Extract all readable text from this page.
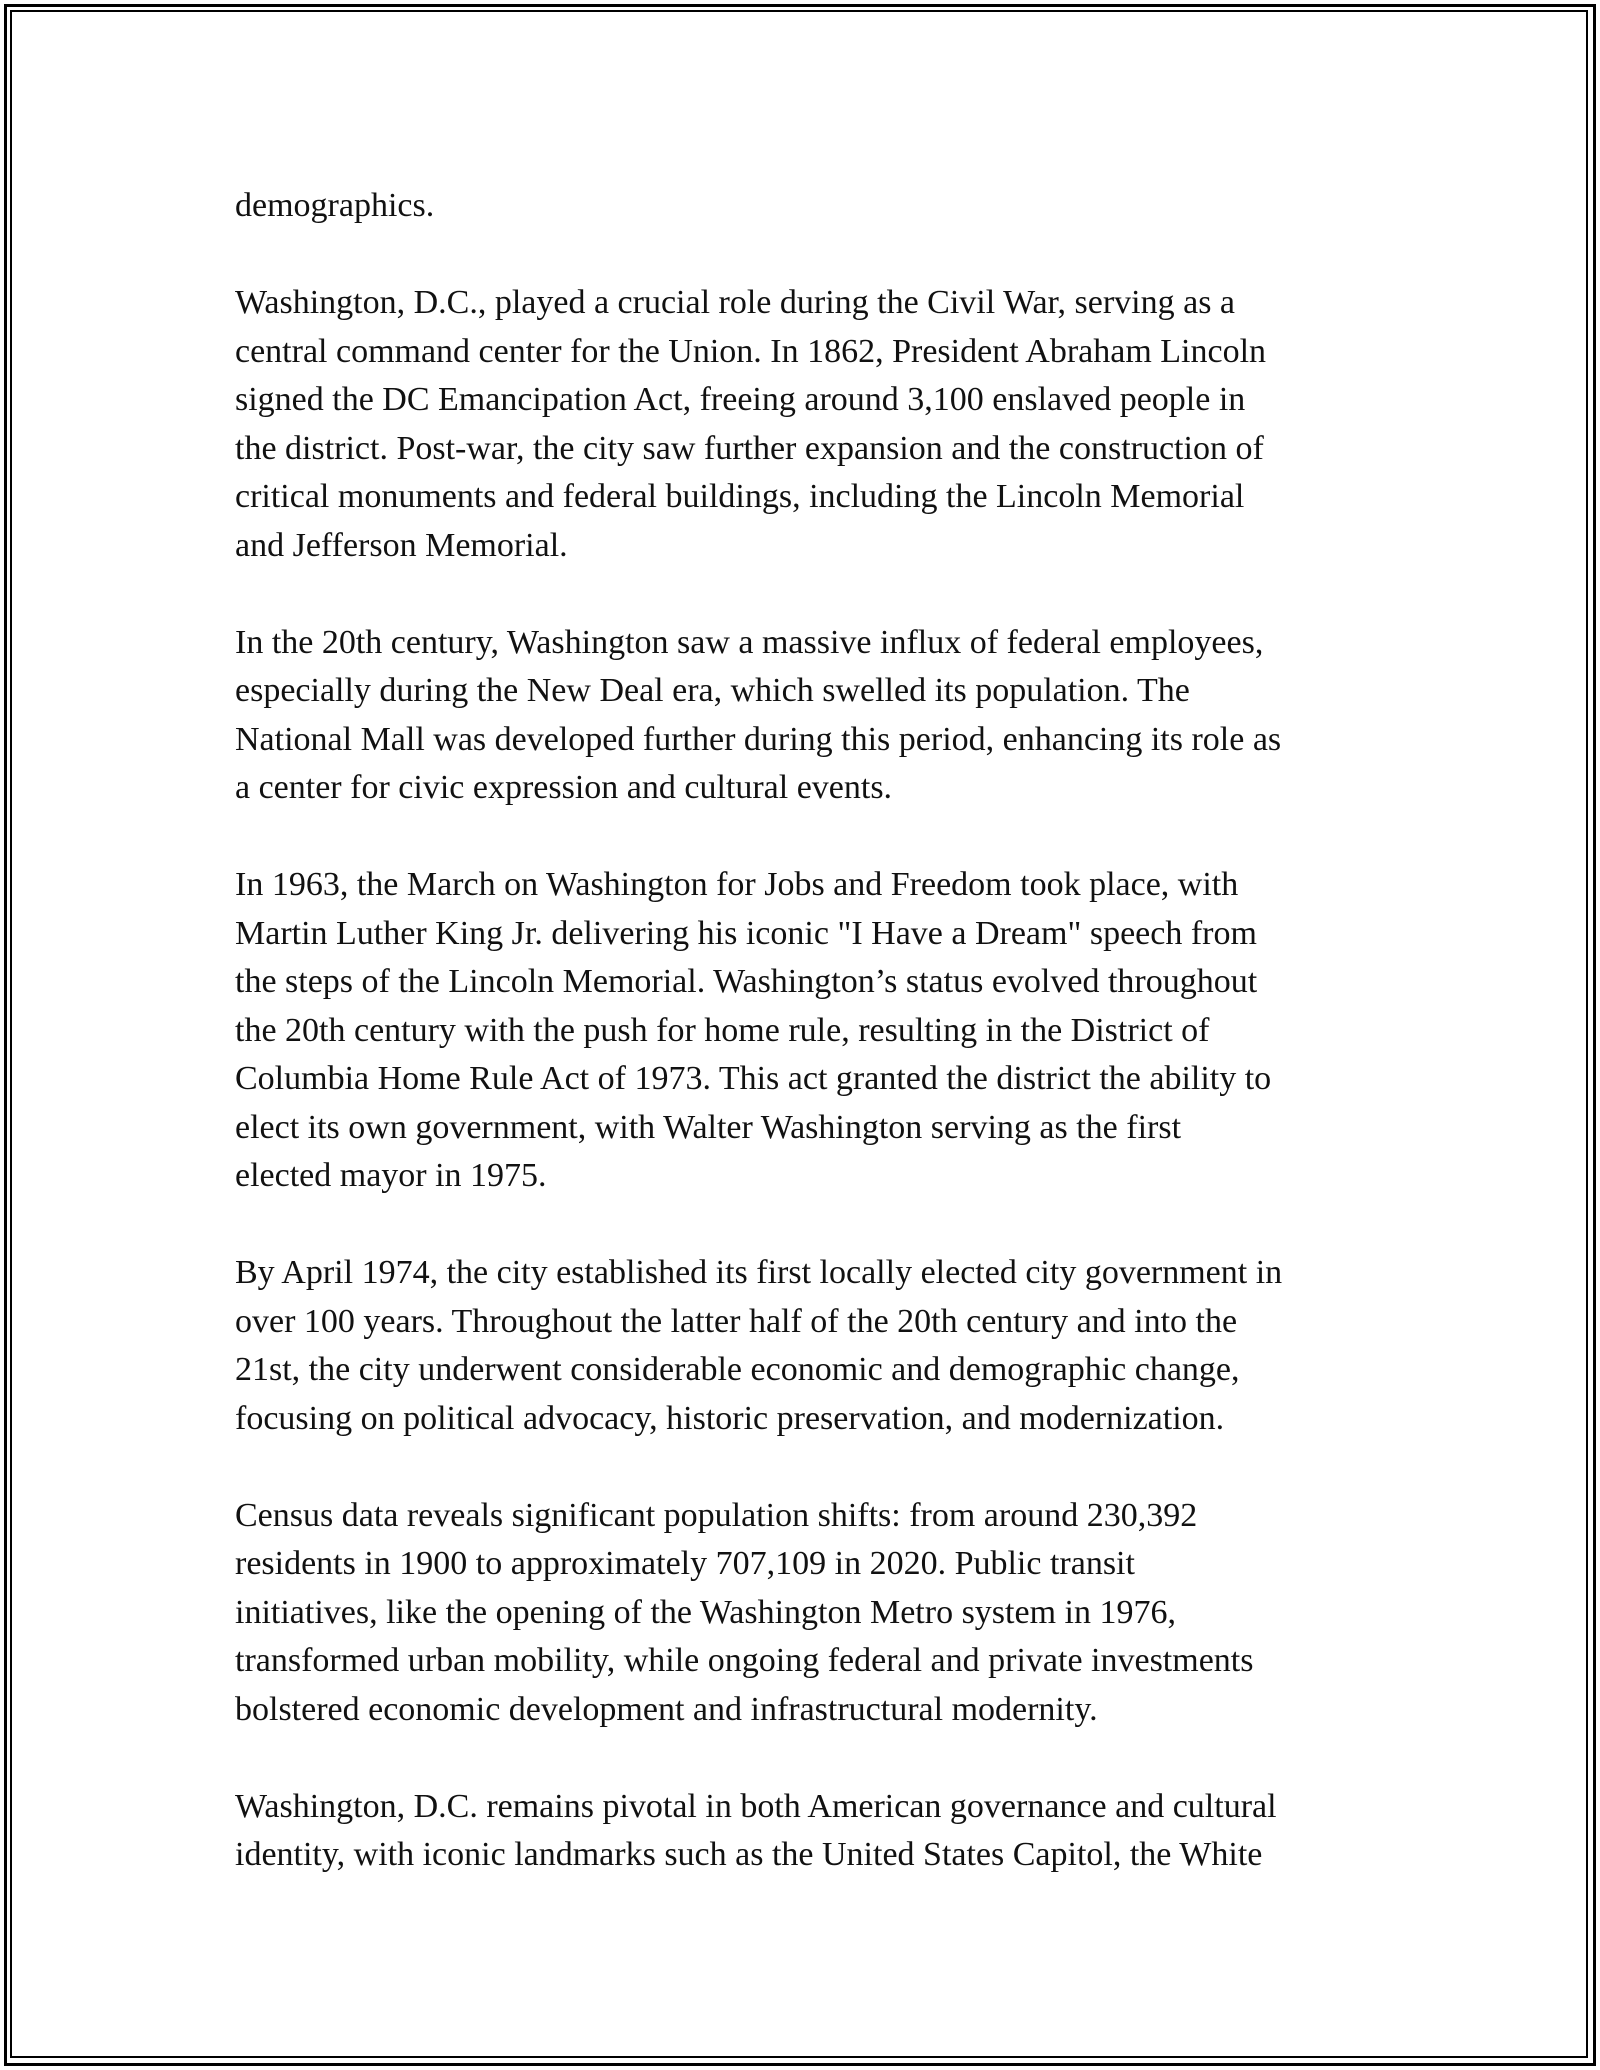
demographics.

Washington, D.C., played a crucial role during the Civil War, serving as a
central command center for the Union. In 1862, President Abraham Lincoln
signed the DC Emancipation Act, freeing around 3,100 enslaved people in
the district. Post-war, the city saw further expansion and the construction of
critical monuments and federal buildings, including the Lincoln Memorial
and Jefferson Memorial.

In the 20th century, Washington saw a massive influx of federal employees,
especially during the New Deal era, which swelled its population. The
National Mall was developed further during this period, enhancing its role as
a center for civic expression and cultural events.

In 1963, the March on Washington for Jobs and Freedom took place, with
Martin Luther King Jr. delivering his iconic "I Have a Dream" speech from
the steps of the Lincoln Memorial. Washington’s status evolved throughout
the 20th century with the push for home rule, resulting in the District of
Columbia Home Rule Act of 1973. This act granted the district the ability to
elect its own government, with Walter Washington serving as the first
elected mayor in 1975.

By April 1974, the city established its first locally elected city government in
over 100 years. Throughout the latter half of the 20th century and into the
21st, the city underwent considerable economic and demographic change,
focusing on political advocacy, historic preservation, and modernization.

Census data reveals significant population shifts: from around 230,392
residents in 1900 to approximately 707,109 in 2020. Public transit
initiatives, like the opening of the Washington Metro system in 1976,
transformed urban mobility, while ongoing federal and private investments
bolstered economic development and infrastructural modernity.

Washington, D.C. remains pivotal in both American governance and cultural
identity, with iconic landmarks such as the United States Capitol, the White
